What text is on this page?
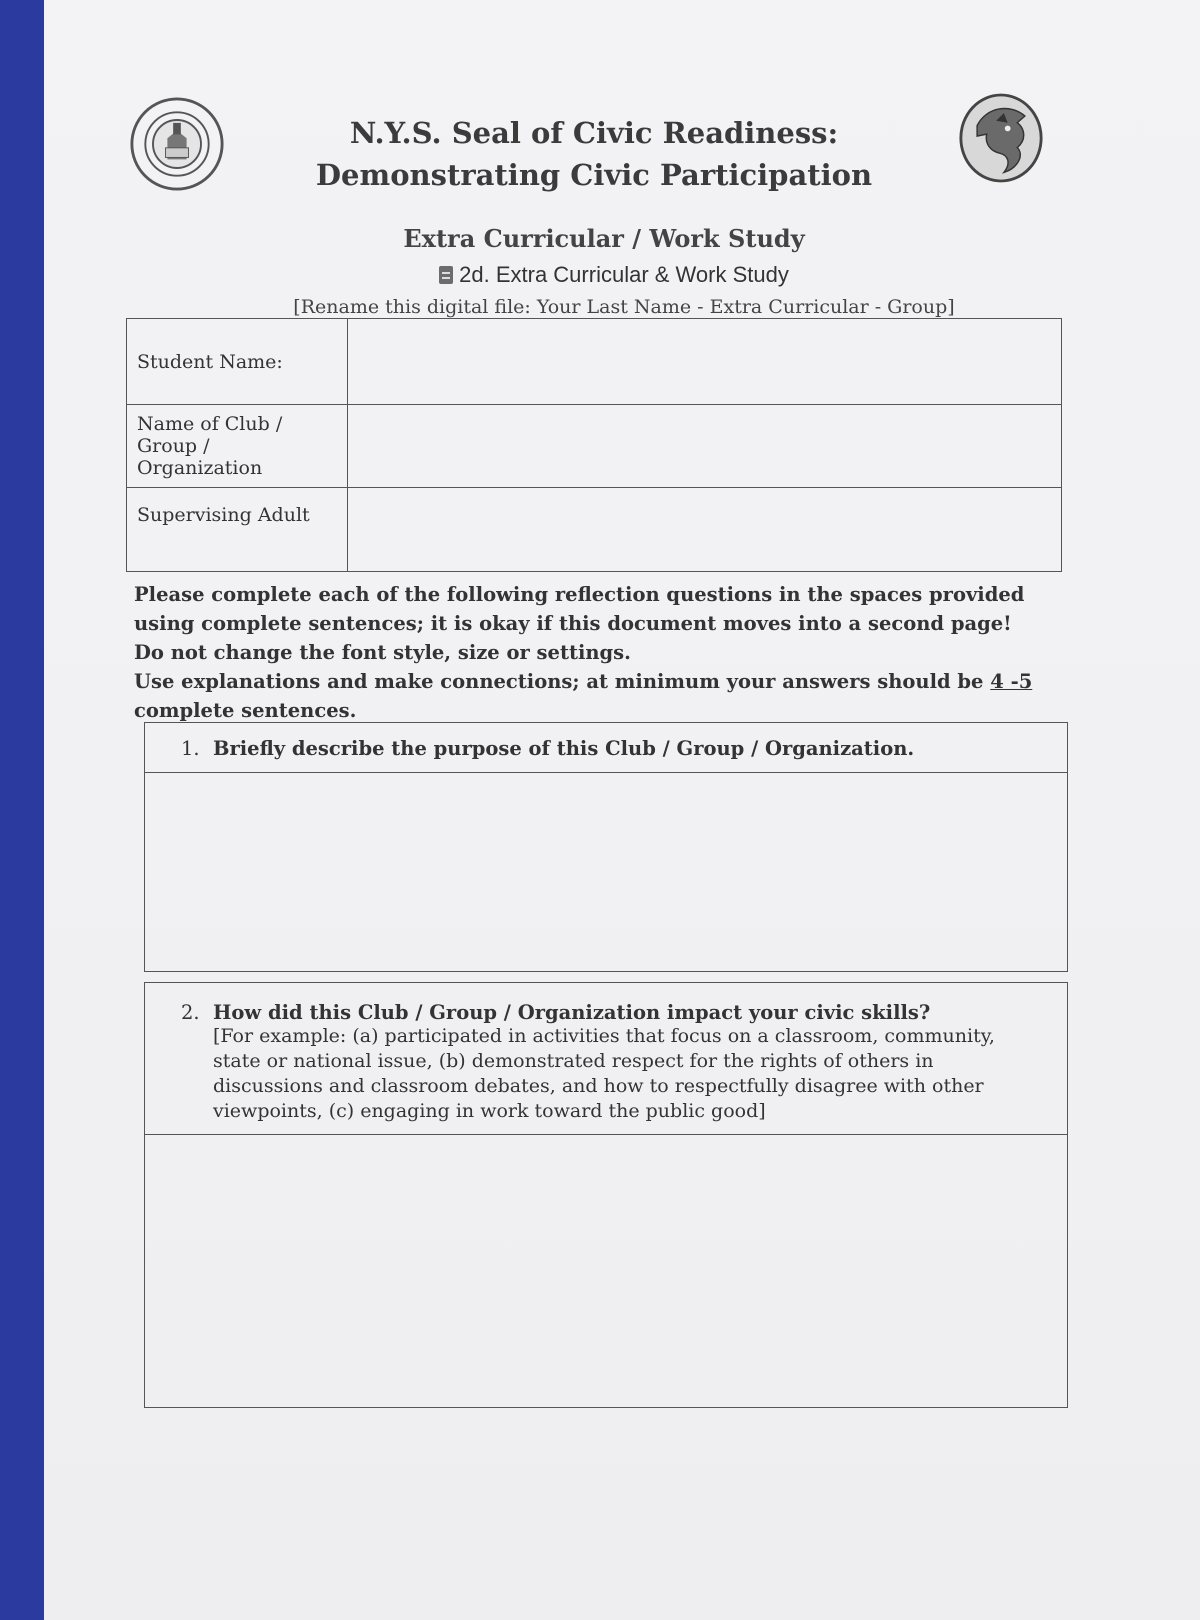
N.Y.S. Seal of Civic Readiness:
Demonstrating Civic Participation
Extra Curricular / Work Study
2d. Extra Curricular & Work Study
[Rename this digital file: Your Last Name - Extra Curricular - Group]
Student Name:	
Name of Club / Group / Organization	
Supervising Adult	
Please complete each of the following reflection questions in the spaces provided using complete sentences; it is okay if this document moves into a second page!
Do not change the font style, size or settings.
Use explanations and make connections; at minimum your answers should be 4 -5 complete sentences.
1. Briefly describe the purpose of this Club / Group / Organization.
2. How did this Club / Group / Organization impact your civic skills?
[For example: (a) participated in activities that focus on a classroom, community, state or national issue, (b) demonstrated respect for the rights of others in discussions and classroom debates, and how to respectfully disagree with other viewpoints, (c) engaging in work toward the public good]
